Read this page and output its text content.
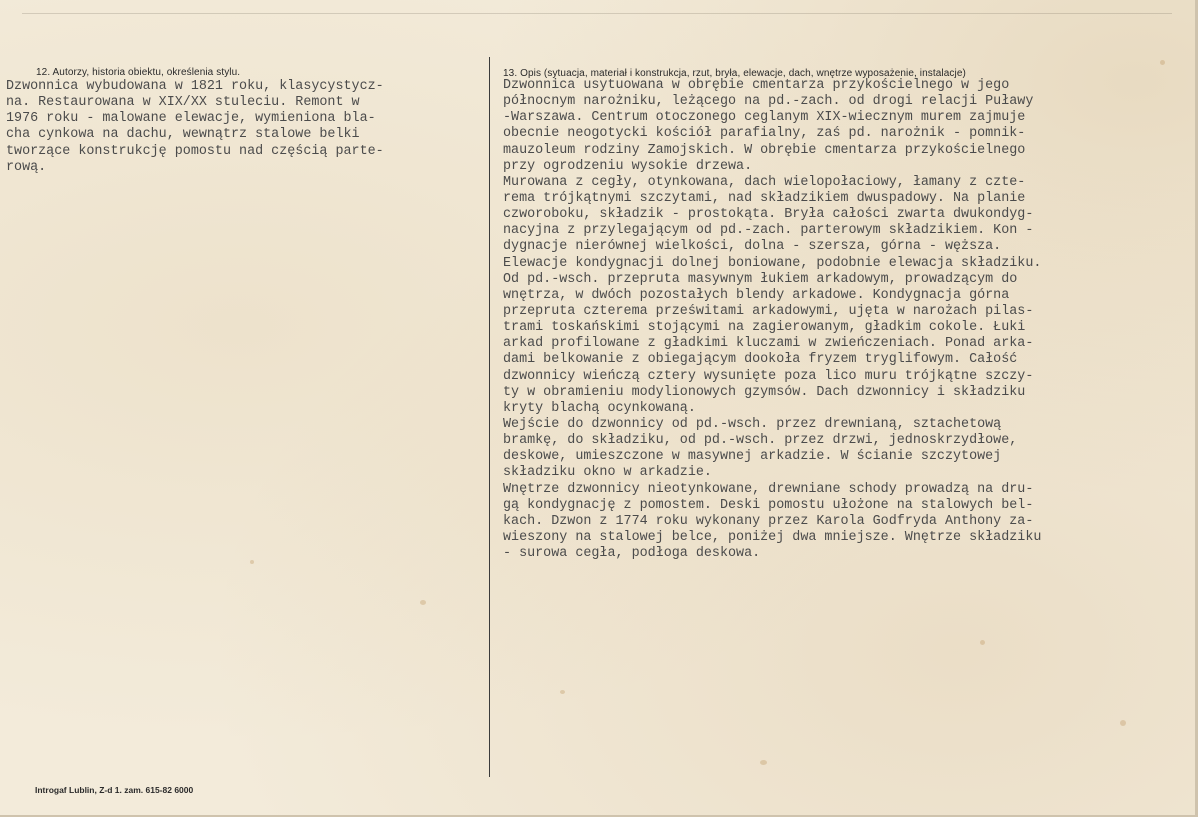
12. Autorzy, historia obiektu, określenia stylu.
Dzwonnica wybudowana w 1821 roku, klasycystycz-
na. Restaurowana w XIX/XX stuleciu. Remont w
1976 roku - malowane elewacje, wymieniona bla-
cha cynkowa na dachu, wewnątrz stalowe belki
tworzące konstrukcję pomostu nad częścią parte-
rową.
13. Opis (sytuacja, materiał i konstrukcja, rzut, bryła, elewacje, dach, wnętrze wyposażenie, instalacje)
Dzwonnica usytuowana w obrębie cmentarza przykościelnego w jego
północnym narożniku, leżącego na pd.-zach. od drogi relacji Puławy
-Warszawa. Centrum otoczonego ceglanym XIX-wiecznym murem zajmuje
obecnie neogotycki kościół parafialny, zaś pd. narożnik - pomnik-
mauzoleum rodziny Zamojskich. W obrębie cmentarza przykościelnego
przy ogrodzeniu wysokie drzewa.
Murowana z cegły, otynkowana, dach wielopołaciowy, łamany z czte-
rema trójkątnymi szczytami, nad składzikiem dwuspadowy. Na planie
czworoboku, składzik - prostokąta. Bryła całości zwarta dwukondyg-
nacyjna z przylegającym od pd.-zach. parterowym składzikiem. Kon -
dygnacje nierównej wielkości, dolna - szersza, górna - węższa.
Elewacje kondygnacji dolnej boniowane, podobnie elewacja składziku.
Od pd.-wsch. przepruta masywnym łukiem arkadowym, prowadzącym do
wnętrza, w dwóch pozostałych blendy arkadowe. Kondygnacja górna
przepruta czterema prześwitami arkadowymi, ujęta w narożach pilas-
trami toskańskimi stojącymi na zagierowanym, gładkim cokole. Łuki
arkad profilowane z gładkimi kluczami w zwieńczeniach. Ponad arka-
dami belkowanie z obiegającym dookoła fryzem tryglifowym. Całość
dzwonnicy wieńczą cztery wysunięte poza lico muru trójkątne szczy-
ty w obramieniu modylionowych gzymsów. Dach dzwonnicy i składziku
kryty blachą ocynkowaną.
Wejście do dzwonnicy od pd.-wsch. przez drewnianą, sztachetową
bramkę, do składziku, od pd.-wsch. przez drzwi, jednoskrzydłowe,
deskowe, umieszczone w masywnej arkadzie. W ścianie szczytowej
składziku okno w arkadzie.
Wnętrze dzwonnicy nieotynkowane, drewniane schody prowadzą na dru-
gą kondygnację z pomostem. Deski pomostu ułożone na stalowych bel-
kach. Dzwon z 1774 roku wykonany przez Karola Godfryda Anthony za-
wieszony na stalowej belce, poniżej dwa mniejsze. Wnętrze składziku
- surowa cegła, podłoga deskowa.
Introgaf Lublin, Z-d 1. zam. 615-82 6000
